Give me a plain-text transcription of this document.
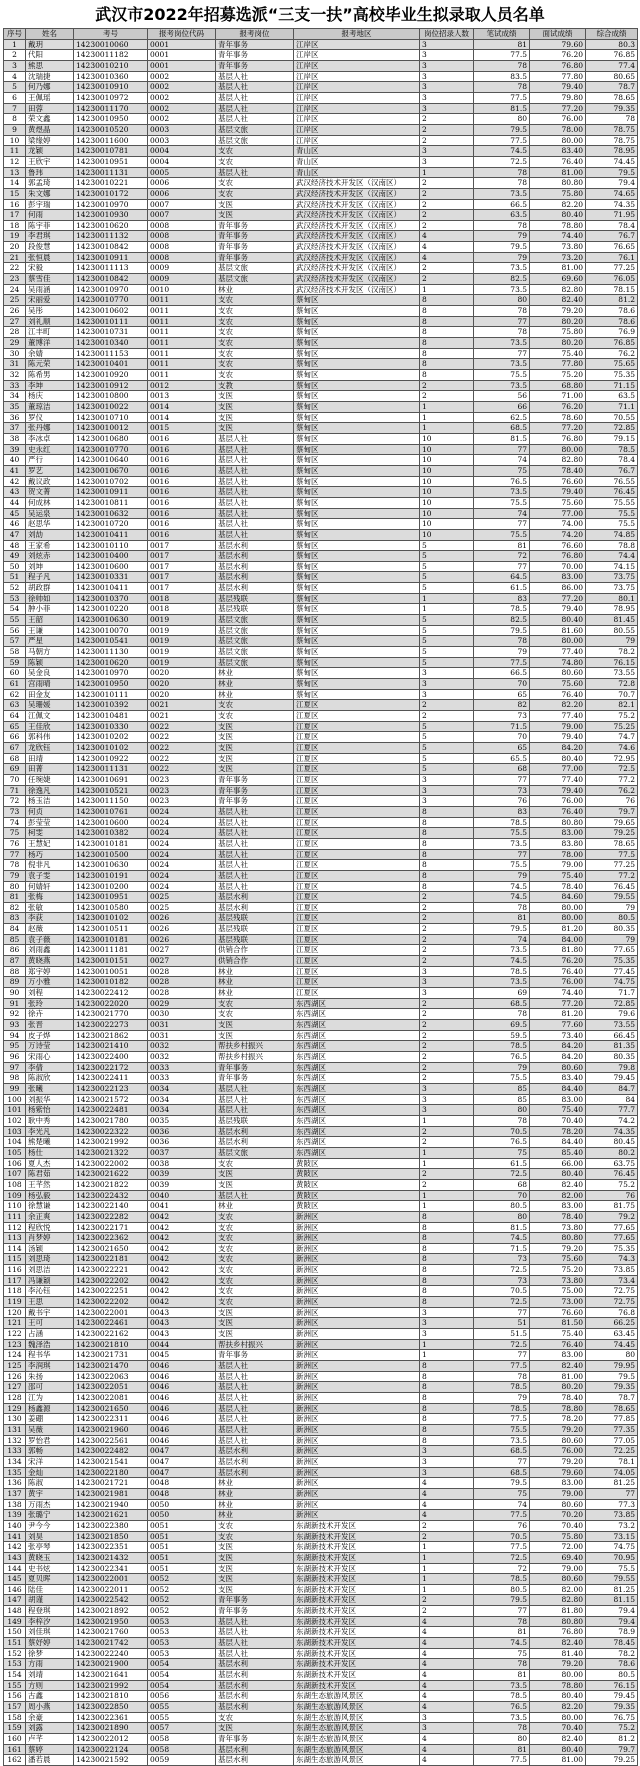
武汉市2022年招募选派“三支一扶”高校毕业生拟录取人员名单
序号	姓名	考号	报考岗位代码	报考岗位	报考地区	岗位招录人数	笔试成绩	面试成绩	综合成绩
1	戴玥	14230010060	0001	青年事务	江岸区	3	81	79.60	80.3
2	代阳	14230011182	0001	青年事务	江岸区	3	77.5	76.20	76.85
3	熊思	14230010210	0001	青年事务	江岸区	3	78	76.80	77.4
4	沈瑞捷	14230010360	0002	基层人社	江岸区	3	83.5	77.80	80.65
5	何乃娜	14230010910	0002	基层人社	江岸区	3	78	79.40	78.7
6	王佩瑶	14230010972	0002	基层人社	江岸区	3	77.5	79.80	78.65
7	田蓉	14230011170	0002	基层人社	江岸区	3	81.5	77.20	79.35
8	荣文鑫	14230010950	0002	基层人社	江岸区	2	80	76.00	78
9	黄煜晶	14230010520	0003	基层文旅	江岸区	2	79.5	78.00	78.75
10	梁缘婷	14230011600	0003	基层文旅	江岸区	2	77.5	80.00	78.75
11	龙颖	14230010781	0004	支农	青山区	3	74.5	83.40	78.95
12	王欣宇	14230010951	0004	支农	青山区	3	72.5	76.40	74.45
13	鲁玮	14230011131	0005	基层人社	青山区	1	78	81.00	79.5
14	郭孟琦	14230010221	0006	支农	武汉经济技术开发区（汉南区）	2	78	80.80	79.4
15	朱文娜	14230010172	0006	支农	武汉经济技术开发区（汉南区）	2	73.5	75.80	74.65
16	彭宇瑞	14230010970	0007	支医	武汉经济技术开发区（汉南区）	2	66.5	82.20	74.35
17	何雨	14230010930	0007	支医	武汉经济技术开发区（汉南区）	2	63.5	80.40	71.95
18	陈宇菲	14230010620	0008	青年事务	武汉经济技术开发区（汉南区）	2	78	78.80	78.4
19	李君琪	14230011132	0008	青年事务	武汉经济技术开发区（汉南区）	4	79	74.40	76.7
20	段俊慧	14230010842	0008	青年事务	武汉经济技术开发区（汉南区）	4	79.5	73.80	76.65
21	张恒晨	14230010911	0008	青年事务	武汉经济技术开发区（汉南区）	4	79	73.20	76.1
22	宋毅	14230011113	0009	基层文旅	武汉经济技术开发区（汉南区）	2	73.5	81.00	77.25
23	蔡雪佳	14230010842	0009	基层文旅	武汉经济技术开发区（汉南区）	2	82.5	69.60	76.05
24	吴雨涵	14230010970	0010	林业	武汉经济技术开发区（汉南区）	1	73.5	82.80	78.15
25	宋丽爱	14230010770	0011	支农	蔡甸区	8	80	82.40	81.2
26	吴彤	14230010602	0011	支农	蔡甸区	8	78	79.20	78.6
27	刘礼顺	14230010111	0011	支农	蔡甸区	8	77	80.20	78.6
28	江丰町	14230010731	0011	支农	蔡甸区	8	78	75.80	76.9
29	董博洋	14230010340	0011	支农	蔡甸区	8	73.5	80.20	76.85
30	余婧	14230011153	0011	支农	蔡甸区	8	77	75.40	76.2
31	陈元荣	14230010401	0011	支农	蔡甸区	8	73.5	77.80	75.65
32	陈希男	14230010920	0011	支农	蔡甸区	8	75.5	75.20	75.35
33	李坤	14230010912	0012	支教	蔡甸区	2	73.5	68.80	71.15
34	杨庆	14230010800	0013	支医	蔡甸区	2	56	71.00	63.5
35	董琼洁	14230010022	0014	支医	蔡甸区	1	66	76.20	71.1
36	罗仪	14230010710	0014	支医	蔡甸区	1	62.5	78.60	70.55
37	张丹娜	14230010012	0015	支医	蔡甸区	1	68.5	77.20	72.85
38	李冰卓	14230010680	0016	基层人社	蔡甸区	10	81.5	76.80	79.15
39	史永红	14230010770	0016	基层人社	蔡甸区	10	77	80.00	78.5
40	严行	14230010640	0016	基层人社	蔡甸区	10	74	82.80	78.4
41	罗艺	14230010670	0016	基层人社	蔡甸区	10	75	78.40	76.7
42	戴议政	14230010702	0016	基层人社	蔡甸区	10	76.5	76.60	76.55
43	贺文菁	14230010911	0016	基层人社	蔡甸区	10	73.5	79.40	76.45
44	何成林	14230010811	0016	基层人社	蔡甸区	10	75.5	75.60	75.55
45	吴运泉	14230010632	0016	基层人社	蔡甸区	10	74	77.00	75.5
46	赵思华	14230010720	0016	基层人社	蔡甸区	10	77	74.00	75.5
47	刘劼	14230010411	0016	基层人社	蔡甸区	10	75.5	74.20	74.85
48	王家希	14230010110	0017	基层水利	蔡甸区	5	81	76.60	78.8
49	刘炫赤	14230010400	0017	基层水利	蔡甸区	5	72	76.80	74.4
50	刘坤	14230010600	0017	基层水利	蔡甸区	5	77	70.00	74.15
51	程子凡	14230010331	0017	基层水利	蔡甸区	5	64.5	83.00	73.75
52	胡政群	14230010411	0017	基层水利	蔡甸区	5	61.5	86.00	73.75
53	徐帅如	14230010370	0018	基层残联	蔡甸区	1	83	77.20	80.1
54	肿小菲	14230010220	0018	基层残联	蔡甸区	1	78.5	79.40	78.95
55	王韶	14230010630	0019	基层文旅	蔡甸区	5	82.5	80.40	81.45
56	王谦	14230010070	0019	基层文旅	蔡甸区	5	79.5	81.60	80.55
57	严星	14230010541	0019	基层文旅	蔡甸区	5	78	80.00	79
58	马朝方	14230011130	0019	基层文旅	蔡甸区	5	79	77.40	78.2
59	陈颖	14230010620	0019	基层文旅	蔡甸区	5	77.5	74.80	76.15
60	吴金良	14230010970	0020	林业	蔡甸区	3	66.5	80.60	73.55
61	宫雨晴	14230010950	0020	林业	蔡甸区	3	70	75.60	72.8
62	田金友	14230010111	0020	林业	蔡甸区	3	65	76.40	70.7
63	吴珊媛	14230010392	0021	支农	江夏区	2	82	82.20	82.1
64	江佩文	14230010481	0021	支农	江夏区	2	73	77.40	75.2
65	王佳欣	14230010330	0022	支医	江夏区	5	71.5	79.00	75.25
66	郭科伟	14230010202	0022	支医	江夏区	5	70	79.40	74.7
67	龙欣钰	14230010102	0022	支医	江夏区	5	65	84.20	74.6
68	田靖	14230010922	0022	支医	江夏区	5	65.5	80.40	72.95
69	田菁	14230011131	0022	支医	江夏区	5	68	77.00	72.5
70	任琬婕	14230010691	0023	青年事务	江夏区	3	77	77.40	77.2
71	徐逸凡	14230010521	0023	青年事务	江夏区	3	73	79.40	76.2
72	杨玉洁	14230011150	0023	青年事务	江夏区	3	76	76.00	76
73	何贞	14230010761	0024	基层人社	江夏区	8	83	76.40	79.7
74	彭莹莹	14230010600	0024	基层人社	江夏区	8	78.5	80.80	79.65
75	柯雯	14230010382	0024	基层人社	江夏区	8	75.5	83.00	79.25
76	王慧妃	14230010181	0024	基层人社	江夏区	8	73.5	83.80	78.65
77	杨巧	14230010500	0024	基层人社	江夏区	8	77	78.00	77.5
78	倪非凡	14230010630	0024	基层人社	江夏区	8	75.5	79.00	77.25
79	袁子雯	14230010191	0024	基层人社	江夏区	8	79	75.40	77.2
80	何婧轩	14230010200	0024	基层人社	江夏区	8	74.5	78.40	76.45
81	张梅	14230010951	0025	基层水利	江夏区	2	74.5	84.60	79.55
82	张敏	14230010580	0025	基层水利	江夏区	2	78	80.00	79
83	李荻	14230010102	0026	基层残联	江夏区	2	81	80.00	80.5
84	赵薇	14230010511	0026	基层残联	江夏区	2	79.5	81.20	80.35
85	袁子薇	14230010181	0026	基层残联	江夏区	2	74	84.00	79
86	刘雨鑫	14230011181	0027	供销合作	江夏区	2	73.5	81.80	77.65
87	黄晓燕	14230010151	0027	供销合作	江夏区	2	74.5	76.20	75.35
88	郑宇婷	14230010051	0028	林业	江夏区	3	78.5	76.40	77.45
89	万小雅	14230010182	0028	林业	江夏区	3	73.5	76.00	74.75
90	刘程	14230022412	0028	林业	江夏区	3	69	74.40	71.7
91	张玲	14230022020	0029	支农	东西湖区	2	68.5	77.20	72.85
92	徐卉	14230021770	0030	支农	东西湖区	2	78	81.20	79.6
93	张晋	14230022273	0031	支医	东西湖区	2	69.5	77.60	73.55
94	皮子烨	14230021862	0031	支医	东西湖区	2	59.5	73.40	66.45
95	万诗莹	14230021410	0032	帮扶乡村振兴	东西湖区	2	78.5	84.20	81.35
96	宋雨心	14230022400	0032	帮扶乡村振兴	东西湖区	2	76.5	84.20	80.35
97	李倩	14230022172	0033	青年事务	东西湖区	2	79	80.60	79.8
98	陈淑欣	14230022411	0033	青年事务	东西湖区	2	75.5	83.40	79.45
99	张曦	14230022123	0034	基层人社	东西湖区	3	85	84.40	84.7
100	刘振华	14230021572	0034	基层人社	东西湖区	3	85	83.00	84
101	杨紫怡	14230022481	0034	基层人社	东西湖区	3	80	75.40	77.7
102	耿中秀	14230021780	0035	基层残联	东西湖区	1	78	70.40	74.2
103	李光凡	14230022322	0036	基层水利	东西湖区	2	70.5	78.20	74.35
104	熊楚曦	14230021992	0036	基层水利	东西湖区	2	76.5	84.40	80.45
105	杨仕	14230021322	0037	基层文旅	东西湖区	1	75	85.40	80.2
106	夏人杰	14230022002	0038	支农	黄陂区	1	61.5	66.00	63.75
107	陈君茹	14230021622	0039	支医	黄陂区	2	72.5	80.40	76.45
108	王芊然	14230021822	0039	支医	黄陂区	2	68	82.40	75.2
109	杨弘毅	14230022432	0040	基层人社	黄陂区	1	70	82.00	76
110	徐慧谦	14230022140	0041	林业	黄陂区	1	80.5	83.00	81.75
111	余正爽	14230022282	0042	支农	新洲区	8	80	78.40	79.2
112	程欣悦	14230022171	0042	支农	新洲区	8	81.5	73.80	77.65
113	肖梦婷	14230022362	0042	支农	新洲区	8	74.5	80.80	77.65
114	汤颖	14230021650	0042	支农	新洲区	8	71.5	79.20	75.35
115	刘思琦	14230022181	0042	支农	新洲区	8	73	75.60	74.3
116	刘思洁	14230022221	0042	支农	新洲区	8	72.5	75.20	73.85
117	冯谦颖	14230022202	0042	支农	新洲区	8	73	73.80	73.4
118	李沁钰	14230022251	0042	支农	新洲区	8	70.5	75.00	72.75
119	王思	14230022202	0042	支农	新洲区	8	72.5	73.00	72.75
120	戴书宇	14230022001	0043	支医	新洲区	3	77	76.60	76.8
121	王可	14230022461	0043	支医	新洲区	3	51	81.50	66.25
122	占涵	14230022162	0043	支医	新洲区	3	51.5	75.40	63.45
123	魏泽浩	14230021810	0044	帮扶乡村振兴	新洲区	1	72.5	76.40	74.45
124	程书华	14230021731	0045	青年事务	新洲区	1	77	83.00	80
125	李润琪	14230021470	0046	基层人社	新洲区	8	77.5	82.40	79.95
126	朱扬	14230022063	0046	基层人社	新洲区	8	78	81.00	79.5
127	邵可	14230022051	0046	基层人社	新洲区	8	78.5	80.20	79.35
128	江为	14230022081	0046	基层人社	新洲区	8	79	78.40	78.7
129	杨鑫源	14230021650	0046	基层人社	新洲区	8	78.5	78.80	78.65
130	姜硼	14230022311	0046	基层人社	新洲区	8	77.5	78.20	77.85
131	吴薇	14230021960	0046	基层人社	新洲区	8	75.5	79.20	77.35
132	罗怡君	14230022561	0046	基层人社	新洲区	8	73.5	80.60	77.05
133	郭畅	14230022482	0047	基层水利	新洲区	3	68.5	76.00	72.25
134	宋洋	14230021541	0047	基层水利	新洲区	3	77	79.20	78.1
135	金灿	14230022180	0047	基层水利	新洲区	3	68.5	79.60	74.05
136	陈淑	14230021721	0048	林业	新洲区	4	79.5	83.00	81.25
137	黄宇	14230021981	0048	林业	新洲区	4	75	79.00	77
138	万雨杰	14230021940	0050	林业	新洲区	4	74	80.60	77.3
139	张璐宁	14230021621	0050	林业	新洲区	4	77.5	70.20	73.85
140	尹今今	14230022380	0051	支农	东湖新技术开发区	2	76	70.40	73.2
141	刘昊	14230021850	0051	支农	东湖新技术开发区	2	70.5	75.80	73.15
142	张亭琴	14230022351	0051	支医	东湖新技术开发区	1	77.5	72.00	74.75
143	黄晓玉	14230021432	0051	支医	东湖新技术开发区	1	72.5	69.40	70.95
144	史书炫	14230022341	0051	支医	东湖新技术开发区	1	72	79.00	75.5
145	夏贝晖	14230022001	0052	支医	东湖新技术开发区	1	78.5	80.60	79.55
146	陆佳	14230022011	0052	支医	东湖新技术开发区	1	80.5	82.00	81.25
147	胡谨	14230022542	0052	青年事务	东湖新技术开发区	2	79.5	82.80	81.15
148	程登琪	14230021892	0052	青年事务	东湖新技术开发区	2	77	81.80	79.4
149	李梓汐	14230021950	0053	基层人社	东湖新技术开发区	4	78	80.80	79.4
150	刘佳琪	14230021760	0053	基层人社	东湖新技术开发区	4	81	76.80	78.9
151	蔡妤婷	14230021742	0053	基层人社	东湖新技术开发区	4	74.5	82.40	78.45
152	徐梦	14230022240	0053	基层人社	东湖新技术开发区	4	75	81.40	78.2
153	方雨	14230021900	0054	基层水利	东湖新技术开发区	4	78	79.20	78.6
154	刘靖	14230021641	0054	基层水利	东湖新技术开发区	4	81	80.00	80.5
155	方则	14230021992	0054	基层水利	东湖新技术开发区	4	73.5	78.80	76.15
156	古鑫	14230021810	0056	基层水利	东湖生态旅游风景区	4	78.5	80.40	79.45
157	周小燕	14230022850	0055	基层水利	东湖生态旅游风景区	4	76.5	82.20	79.35
158	余豪	14230022361	0055	支农	东湖生态旅游风景区	3	73.5	80.00	76.75
159	刘露	14230021890	0057	支医	东湖生态旅游风景区	3	78	70.40	75.2
160	卢芊	14230022012	0058	青年事务	东湖生态旅游风景区	4	80	82.40	81.2
161	蔡婷	14230022124	0058	基层水利	东湖生态旅游风景区	4	81	80.40	79.7
162	潘若晨	14230021592	0059	基层水利	东湖生态旅游风景区	4	77.5	81.00	79.25
